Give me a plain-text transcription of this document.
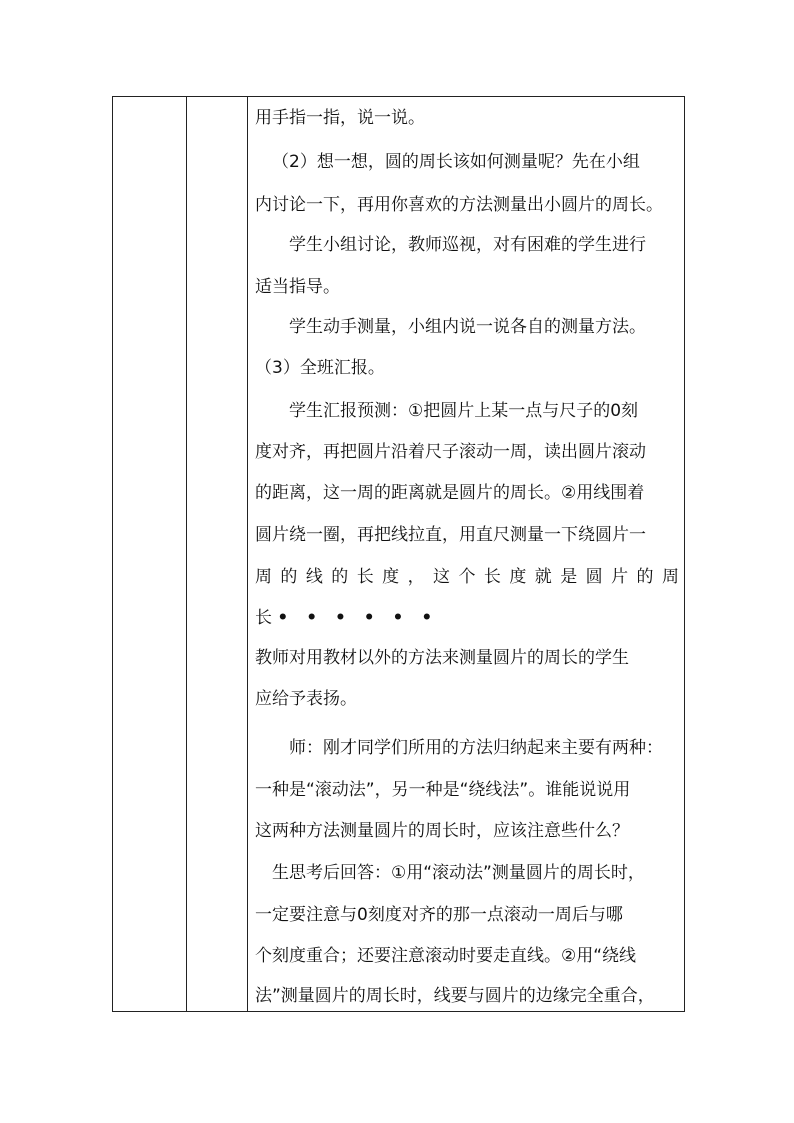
用手指一指，说一说。
（2）想一想，圆的周长该如何测量呢？先在小组
内讨论一下，再用你喜欢的方法测量出小圆片的周长。
学生小组讨论，教师巡视，对有困难的学生进行
适当指导。
学生动手测量，小组内说一说各自的测量方法。
（3）全班汇报。
学生汇报预测：①把圆片上某一点与尺子的0刻
度对齐，再把圆片沿着尺子滚动一周，读出圆片滚动
的距离，这一周的距离就是圆片的周长。②用线围着
圆片绕一圈，再把线拉直，用直尺测量一下绕圆片一
周的线的长度，这个长度就是圆片的周
长 • • • • • •
教师对用教材以外的方法来测量圆片的周长的学生
应给予表扬。
师：刚才同学们所用的方法归纳起来主要有两种：
一种是“滚动法”，另一种是“绕线法”。谁能说说用
这两种方法测量圆片的周长时，应该注意些什么？
生思考后回答：①用“滚动法”测量圆片的周长时，
一定要注意与0刻度对齐的那一点滚动一周后与哪
个刻度重合；还要注意滚动时要走直线。②用“绕线
法”测量圆片的周长时，线要与圆片的边缘完全重合，
